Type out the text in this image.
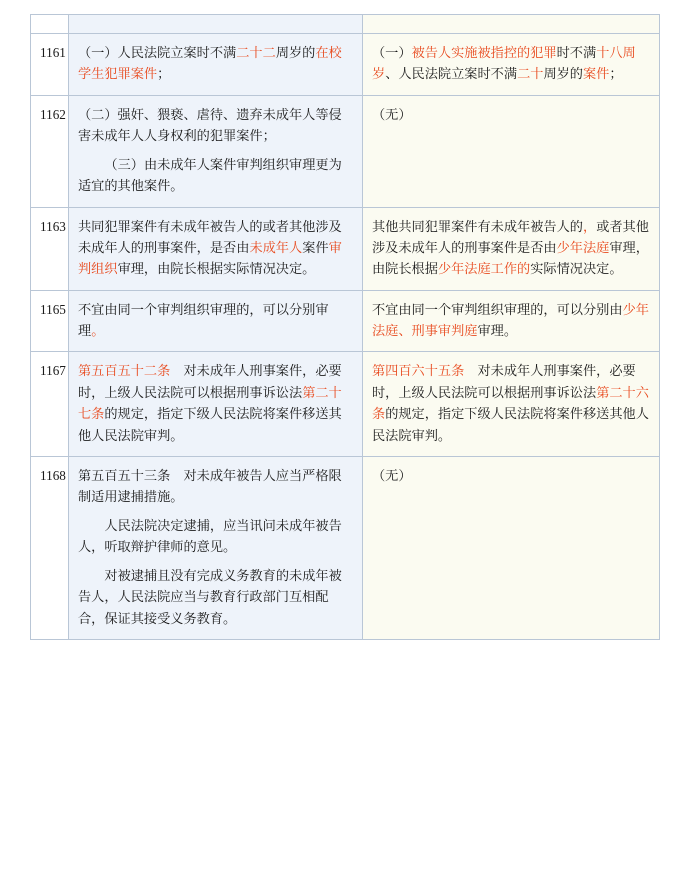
1161	（一）人民法院立案时不满二十二周岁的在校学生犯罪案件；	（一）被告人实施被指控的犯罪时不满十八周岁、人民法院立案时不满二十周岁的案件；

1162	（二）强奸、猥亵、虐待、遗弃未成年人等侵害未成年人人身权利的犯罪案件；
（三）由未成年人案件审判组织审理更为适宜的其他案件。	（无）

1163	共同犯罪案件有未成年被告人的或者其他涉及未成年人的刑事案件，是否由未成年人案件审判组织审理，由院长根据实际情况决定。	其他共同犯罪案件有未成年被告人的，或者其他涉及未成年人的刑事案件是否由少年法庭审理，由院长根据少年法庭工作的实际情况决定。

1165	不宜由同一个审判组织审理的，可以分别审理。	不宜由同一个审判组织审理的，可以分别由少年法庭、刑事审判庭审理。

1167	第五百五十二条　对未成年人刑事案件，必要时，上级人民法院可以根据刑事诉讼法第二十七条的规定，指定下级人民法院将案件移送其他人民法院审判。	第四百六十五条　对未成年人刑事案件，必要时，上级人民法院可以根据刑事诉讼法第二十六条的规定，指定下级人民法院将案件移送其他人民法院审判。

1168	第五百五十三条　对未成年被告人应当严格限制适用逮捕措施。
人民法院决定逮捕，应当讯问未成年被告人，听取辩护律师的意见。
对被逮捕且没有完成义务教育的未成年被告人，人民法院应当与教育行政部门互相配合，保证其接受义务教育。	（无）
